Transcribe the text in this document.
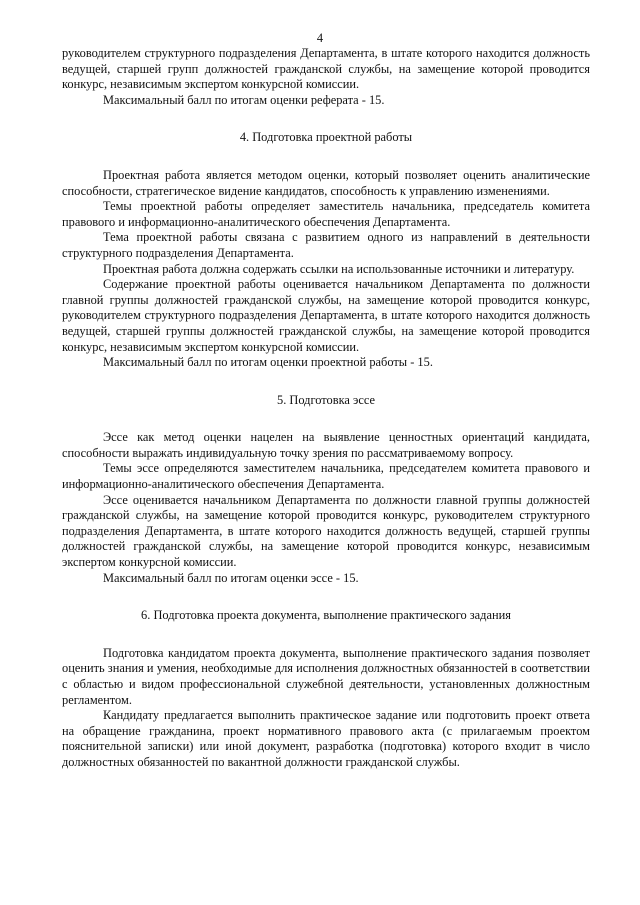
4

руководителем структурного подразделения Департамента, в штате которого находится должность ведущей, старшей групп должностей гражданской службы, на замещение которой проводится конкурс, независимым экспертом конкурсной комиссии.

Максимальный балл по итогам оценки реферата - 15.

4. Подготовка проектной работы

Проектная работа является методом оценки, который позволяет оценить аналитические способности, стратегическое видение кандидатов, способность к управлению изменениями.

Темы проектной работы определяет заместитель начальника, председатель комитета правового и информационно-аналитического обеспечения Департамента.

Тема проектной работы связана с развитием одного из направлений в деятельности структурного подразделения Департамента.

Проектная работа должна содержать ссылки на использованные источники и литературу.

Содержание проектной работы оценивается начальником Департамента по должности главной группы должностей гражданской службы, на замещение которой проводится конкурс, руководителем структурного подразделения Департамента, в штате которого находится должность ведущей, старшей группы должностей гражданской службы, на замещение которой проводится конкурс, независимым экспертом конкурсной комиссии.

Максимальный балл по итогам оценки проектной работы - 15.

5. Подготовка эссе

Эссе как метод оценки нацелен на выявление ценностных ориентаций кандидата, способности выражать индивидуальную точку зрения по рассматриваемому вопросу.

Темы эссе определяются заместителем начальника, председателем комитета правового и информационно-аналитического обеспечения Департамента.

Эссе оценивается начальником Департамента по должности главной группы должностей гражданской службы, на замещение которой проводится конкурс, руководителем структурного подразделения Департамента, в штате которого находится должность ведущей, старшей группы должностей гражданской службы, на замещение которой проводится конкурс, независимым экспертом конкурсной комиссии.

Максимальный балл по итогам оценки эссе - 15.

6. Подготовка проекта документа, выполнение практического задания

Подготовка кандидатом проекта документа, выполнение практического задания позволяет оценить знания и умения, необходимые для исполнения должностных обязанностей в соответствии с областью и видом профессиональной служебной деятельности, установленных должностным регламентом.

Кандидату предлагается выполнить практическое задание или подготовить проект ответа на обращение гражданина, проект нормативного правового акта (с прилагаемым проектом пояснительной записки) или иной документ, разработка (подготовка) которого входит в число должностных обязанностей по вакантной должности гражданской службы.
